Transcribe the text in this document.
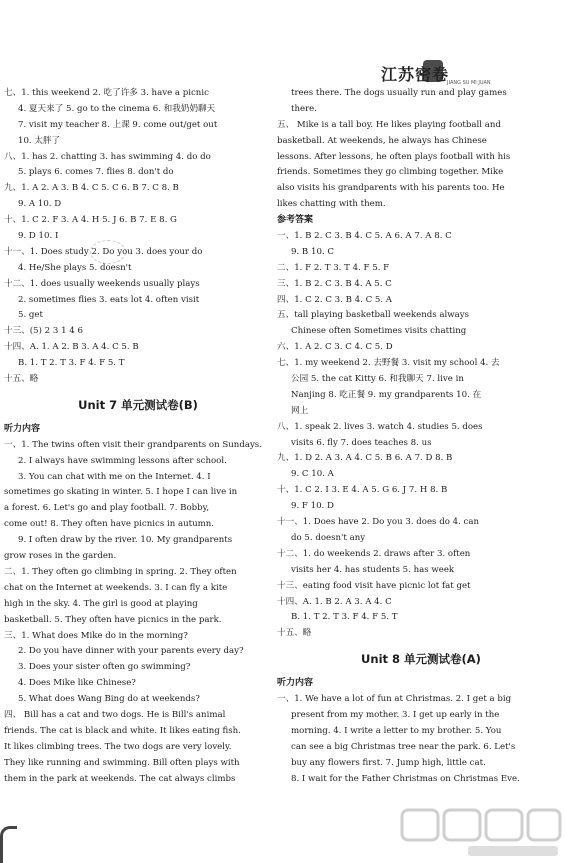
江苏密卷
JIANG SU MI JUAN
七、1. this weekend 2. 吃了许多 3. have a picnic
4. 夏天来了 5. go to the cinema 6. 和我奶奶聊天
7. visit my teacher 8. 上课 9. come out/get out
10. 太胖了
八、1. has 2. chatting 3. has swimming 4. do do
5. plays 6. comes 7. flies 8. don't do
九、1. A 2. A 3. B 4. C 5. C 6. B 7. C 8. B
9. A 10. D
十、1. C 2. F 3. A 4. H 5. J 6. B 7. E 8. G
9. D 10. I
十一、1. Does study 2. Do you 3. does your do
4. He/She plays 5. doesn't
十二、1. does usually weekends usually plays
2. sometimes flies 3. eats lot 4. often visit
5. get
十三、(5) 2 3 1 4 6
十四、A. 1. A 2. B 3. A 4. C 5. B
B. 1. T 2. T 3. F 4. F 5. T
十五、略
Unit 7 单元测试卷(B)
听力内容
一、1. The twins often visit their grandparents on Sundays.
2. I always have swimming lessons after school.
3. You can chat with me on the Internet. 4. I
sometimes go skating in winter. 5. I hope I can live in
a forest. 6. Let's go and play football. 7. Bobby,
come out! 8. They often have picnics in autumn.
9. I often draw by the river. 10. My grandparents
grow roses in the garden.
二、1. They often go climbing in spring. 2. They often
chat on the Internet at weekends. 3. I can fly a kite
high in the sky. 4. The girl is good at playing
basketball. 5. They often have picnics in the park.
三、1. What does Mike do in the morning?
2. Do you have dinner with your parents every day?
3. Does your sister often go swimming?
4. Does Mike like Chinese?
5. What does Wang Bing do at weekends?
四、 Bill has a cat and two dogs. He is Bill's animal
friends. The cat is black and white. It likes eating fish.
It likes climbing trees. The two dogs are very lovely.
They like running and swimming. Bill often plays with
them in the park at weekends. The cat always climbs
trees there. The dogs usually run and play games
there.
五、 Mike is a tall boy. He likes playing football and
basketball. At weekends, he always has Chinese
lessons. After lessons, he often plays football with his
friends. Sometimes they go climbing together. Mike
also visits his grandparents with his parents too. He
likes chatting with them.
参考答案
一、1. B 2. C 3. B 4. C 5. A 6. A 7. A 8. C
9. B 10. C
二、1. F 2. T 3. T 4. F 5. F
三、1. B 2. C 3. B 4. A 5. C
四、1. C 2. C 3. B 4. C 5. A
五、tall playing basketball weekends always
Chinese often Sometimes visits chatting
六、1. A 2. C 3. C 4. C 5. D
七、1. my weekend 2. 去野餐 3. visit my school 4. 去
公园 5. the cat Kitty 6. 和我聊天 7. live in
Nanjing 8. 吃正餐 9. my grandparents 10. 在
网上
八、1. speak 2. lives 3. watch 4. studies 5. does
visits 6. fly 7. does teaches 8. us
九、1. D 2. A 3. A 4. C 5. B 6. A 7. D 8. B
9. C 10. A
十、1. C 2. I 3. E 4. A 5. G 6. J 7. H 8. B
9. F 10. D
十一、1. Does have 2. Do you 3. does do 4. can
do 5. doesn't any
十二、1. do weekends 2. draws after 3. often
visits her 4. has students 5. has week
十三、eating food visit have picnic lot fat get
十四、A. 1. B 2. A 3. A 4. C
B. 1. T 2. T 3. F 4. F 5. T
十五、略
Unit 8 单元测试卷(A)
听力内容
一、1. We have a lot of fun at Christmas. 2. I get a big
present from my mother. 3. I get up early in the
morning. 4. I write a letter to my brother. 5. You
can see a big Christmas tree near the park. 6. Let's
buy any flowers first. 7. Jump high, little cat.
8. I wait for the Father Christmas on Christmas Eve.
